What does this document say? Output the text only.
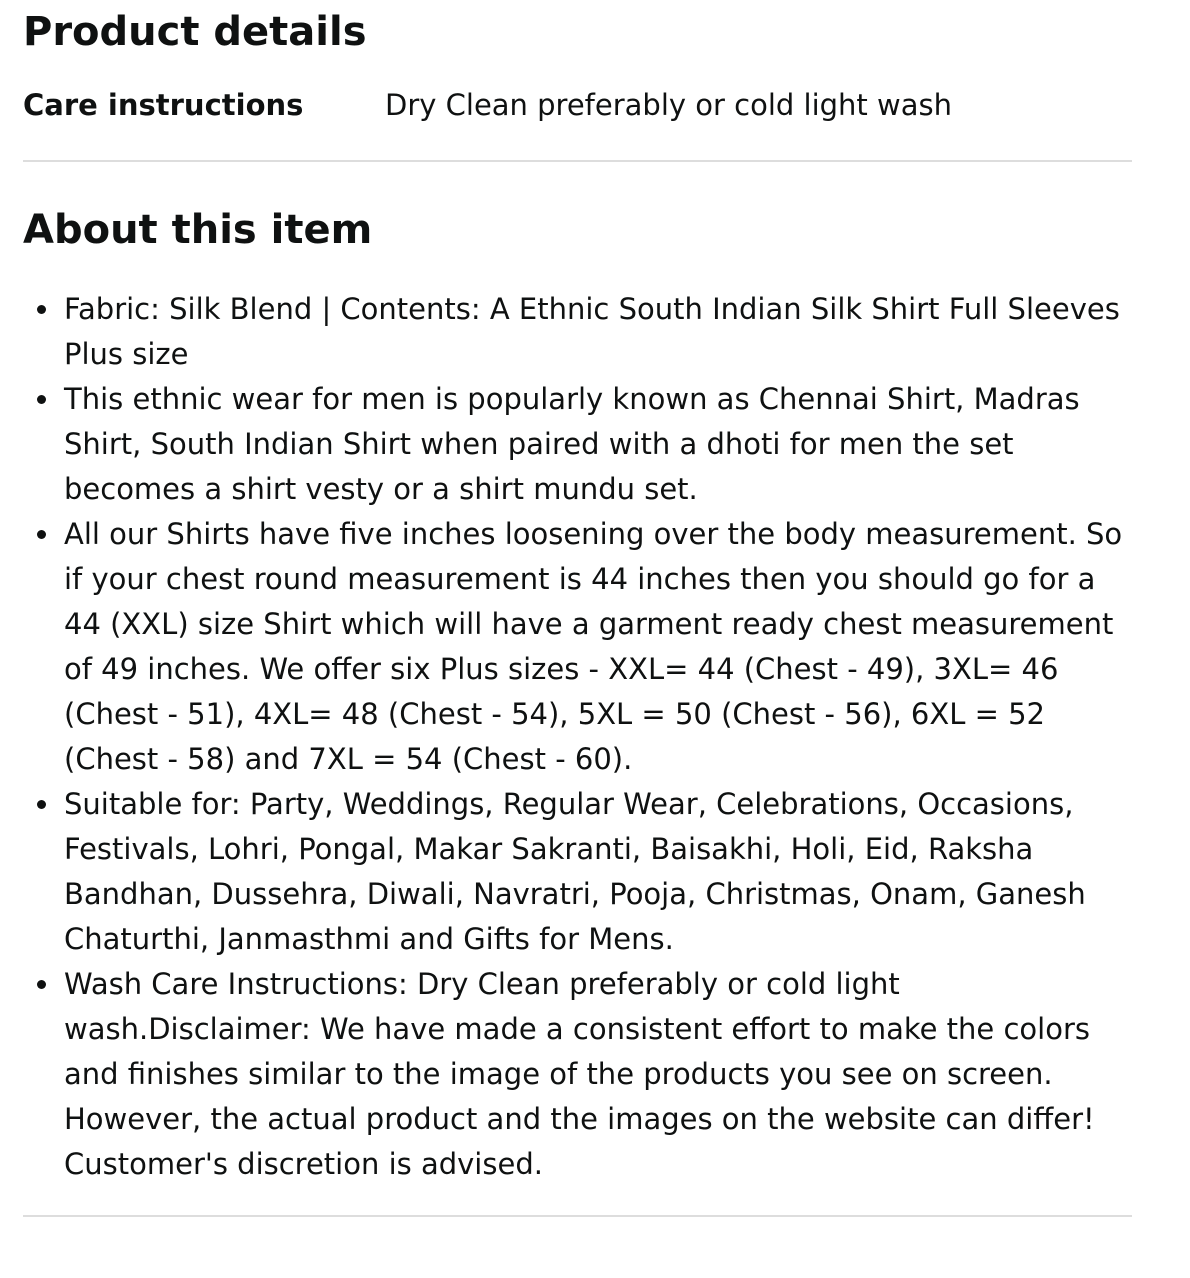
Product details
Care instructions	Dry Clean preferably or cold light wash
About this item
Fabric: Silk Blend | Contents: A Ethnic South Indian Silk Shirt Full Sleeves Plus size
This ethnic wear for men is popularly known as Chennai Shirt, Madras Shirt, South Indian Shirt when paired with a dhoti for men the set becomes a shirt vesty or a shirt mundu set.
All our Shirts have five inches loosening over the body measurement. So if your chest round measurement is 44 inches then you should go for a 44 (XXL) size Shirt which will have a garment ready chest measurement of 49 inches. We offer six Plus sizes - XXL= 44 (Chest - 49), 3XL= 46 (Chest - 51), 4XL= 48 (Chest - 54), 5XL = 50 (Chest - 56), 6XL = 52 (Chest - 58) and 7XL = 54 (Chest - 60).
Suitable for: Party, Weddings, Regular Wear, Celebrations, Occasions, Festivals, Lohri, Pongal, Makar Sakranti, Baisakhi, Holi, Eid, Raksha Bandhan, Dussehra, Diwali, Navratri, Pooja, Christmas, Onam, Ganesh Chaturthi, Janmasthmi and Gifts for Mens.
Wash Care Instructions: Dry Clean preferably or cold light wash.Disclaimer: We have made a consistent effort to make the colors and finishes similar to the image of the products you see on screen. However, the actual product and the images on the website can differ! Customer's discretion is advised.
